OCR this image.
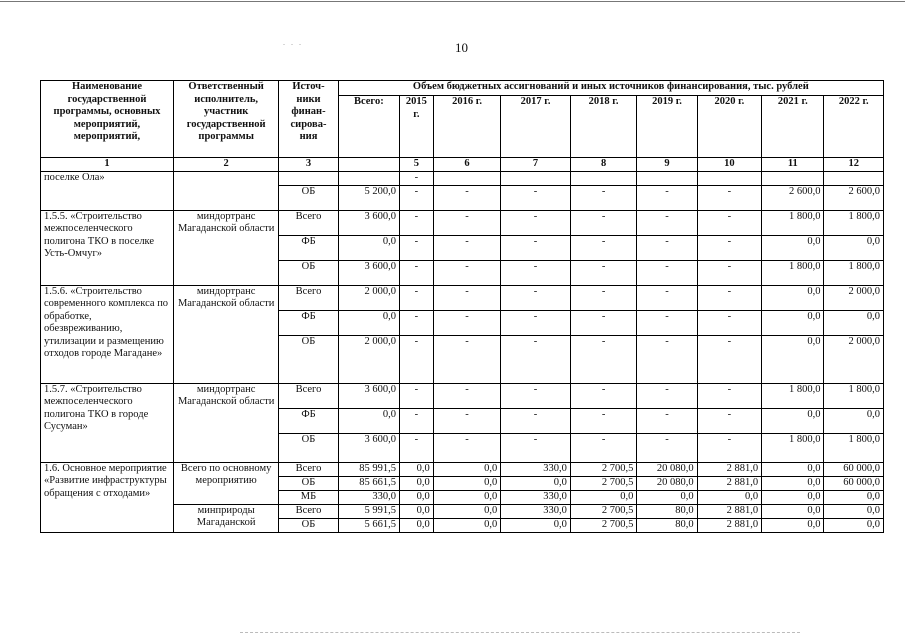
. . .	10
Наименование государственной программы, основных мероприятий, мероприятий,	Ответственный исполнитель, участник государственной программы	Источ-ники финан-сирова-ния	Объем бюджетных ассигнований и иных источников финансирования, тыс. рублей								
			Всего:	2015 г.	2016 г.	2017 г.	2018 г.	2019 г.	2020 г.	2021 г.	2022 г.
1	2	3		5	6	7	8	9	10	11	12
поселке Ола»				-							
		ОБ	5 200,0	-	-	-	-	-	-	2 600,0	2 600,0
1.5.5. «Строительство межпоселенческого полигона ТКО в поселке Усть-Омчуг»	миндортранс Магаданской области	Всего	3 600,0	-	-	-	-	-	-	1 800,0	1 800,0
		ФБ	0,0	-	-	-	-	-	-	0,0	0,0
		ОБ	3 600,0	-	-	-	-	-	-	1 800,0	1 800,0
1.5.6. «Строительство современного комплекса по обработке, обезвреживанию, утилизации и размещению отходов городе Магадане»	миндортранс Магаданской области	Всего	2 000,0	-	-	-	-	-	-	0,0	2 000,0
		ФБ	0,0	-	-	-	-	-	-	0,0	0,0
		ОБ	2 000,0	-	-	-	-	-	-	0,0	2 000,0
1.5.7. «Строительство межпоселенческого полигона ТКО в городе Сусуман»	миндортранс Магаданской области	Всего	3 600,0	-	-	-	-	-	-	1 800,0	1 800,0
		ФБ	0,0	-	-	-	-	-	-	0,0	0,0
		ОБ	3 600,0	-	-	-	-	-	-	1 800,0	1 800,0
1.6. Основное мероприятие «Развитие инфраструктуры обращения с отходами»	Всего по основному мероприятию	Всего	85 991,5	0,0	0,0	330,0	2 700,5	20 080,0	2 881,0	0,0	60 000,0
		ОБ	85 661,5	0,0	0,0	0,0	2 700,5	20 080,0	2 881,0	0,0	60 000,0
		МБ	330,0	0,0	0,0	330,0	0,0	0,0	0,0	0,0	0,0
	минприроды Магаданской	Всего	5 991,5	0,0	0,0	330,0	2 700,5	80,0	2 881,0	0,0	0,0
		ОБ	5 661,5	0,0	0,0	0,0	2 700,5	80,0	2 881,0	0,0	0,0
